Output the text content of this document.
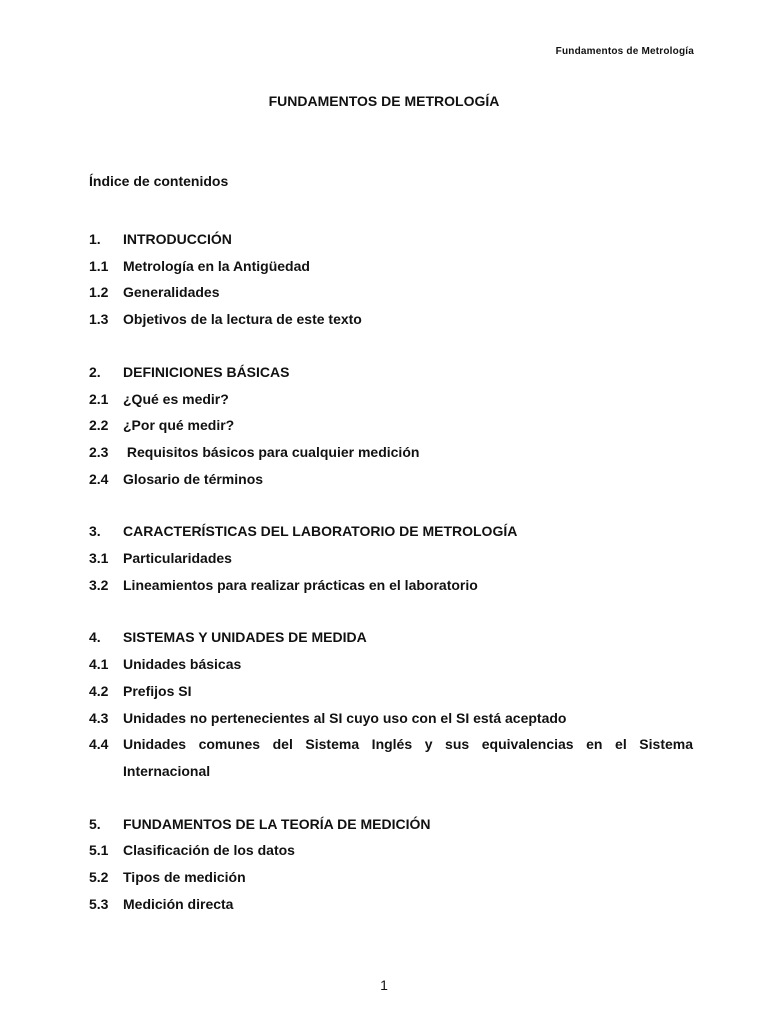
Fundamentos de Metrología
FUNDAMENTOS DE METROLOGÍA
Índice de contenidos
1.	INTRODUCCIÓN
1.1	Metrología en la Antigüedad
1.2	Generalidades
1.3	Objetivos de la lectura de este texto
2.	DEFINICIONES BÁSICAS
2.1	¿Qué es medir?
2.2	¿Por qué medir?
2.3	Requisitos básicos para cualquier medición
2.4	Glosario de términos
3.	CARACTERÍSTICAS DEL LABORATORIO DE METROLOGÍA
3.1	Particularidades
3.2	Lineamientos para realizar prácticas en el laboratorio
4.	SISTEMAS Y UNIDADES DE MEDIDA
4.1	Unidades básicas
4.2	Prefijos SI
4.3	Unidades no pertenecientes al SI cuyo uso con el SI está aceptado
4.4	Unidades comunes del Sistema Inglés y sus equivalencias en el Sistema Internacional
5.	FUNDAMENTOS DE LA TEORÍA DE MEDICIÓN
5.1	Clasificación de los datos
5.2	Tipos de medición
5.3	Medición directa
1
